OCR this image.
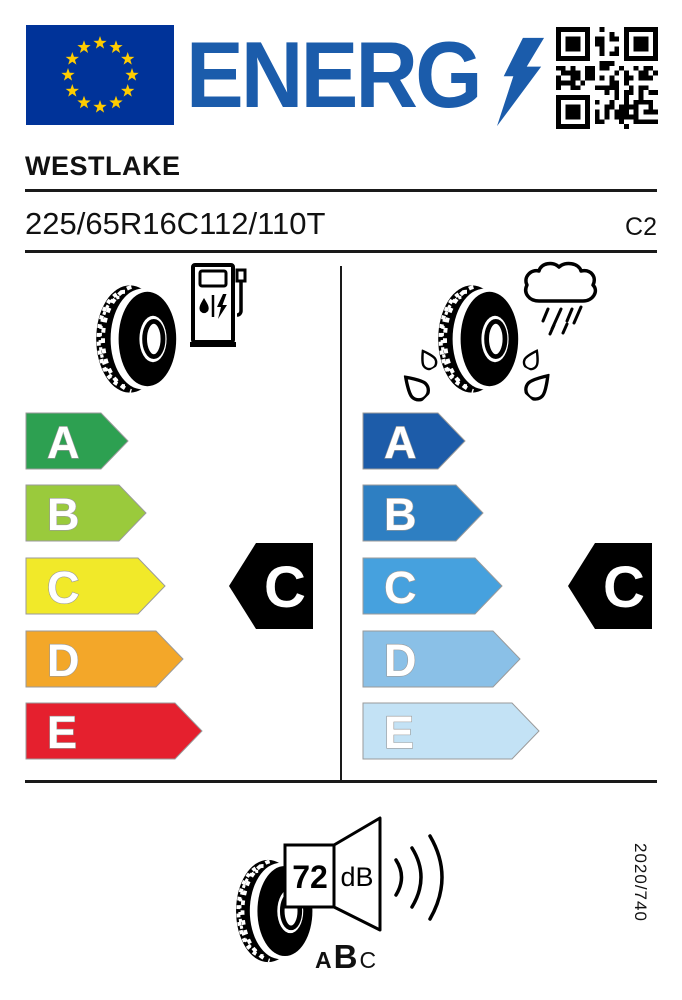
ENERG
WESTLAKE
225/65R16C112/110T	C2
A
B
C
D
E
C
A
B
C
D
E
C
72 dB
A B C
2020/740
